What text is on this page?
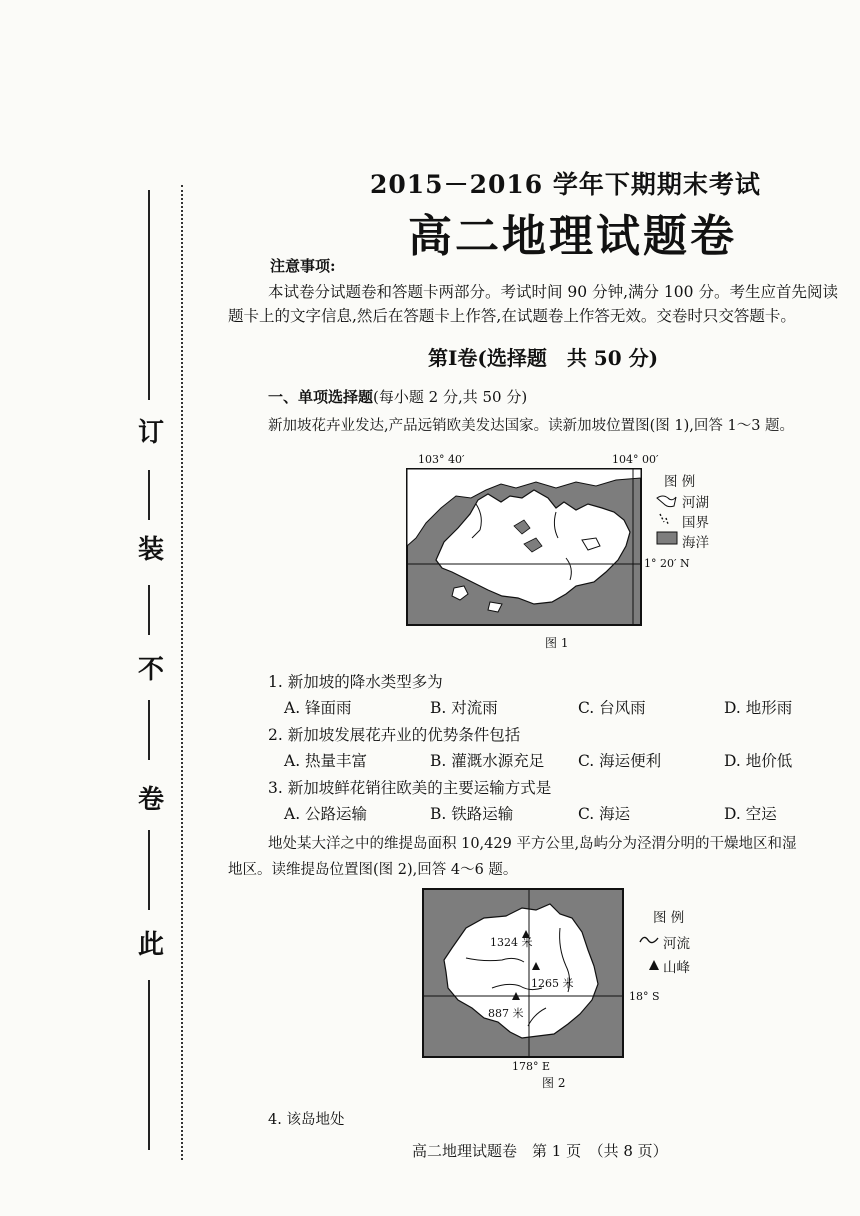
订
装
不
卷
此
2015－2016 学年下期期末考试
高二地理试题卷
注意事项:
本试卷分试题卷和答题卡两部分。考试时间 90 分钟,满分 100 分。考生应首先阅读
题卡上的文字信息,然后在答题卡上作答,在试题卷上作答无效。交卷时只交答题卡。
第Ⅰ卷(选择题　共 50 分)
一、单项选择题(每小题 2 分,共 50 分)
新加坡花卉业发达,产品远销欧美发达国家。读新加坡位置图(图 1),回答 1～3 题。
103° 40′	104° 00′
1° 20′ N
图 例
河湖
国界
海洋
图 1
1. 新加坡的降水类型多为
A. 锋面雨	B. 对流雨	C. 台风雨	D. 地形雨
2. 新加坡发展花卉业的优势条件包括
A. 热量丰富	B. 灌溉水源充足 C. 海运便利	D. 地价低
3. 新加坡鲜花销往欧美的主要运输方式是
A. 公路运输	B. 铁路运输	C. 海运	D. 空运
地处某大洋之中的维提岛面积 10,429 平方公里,岛屿分为泾渭分明的干燥地区和湿
地区。读维提岛位置图(图 2),回答 4～6 题。
1324 米
1265 米
887 米
18° S
178° E
图 例
河流
山峰
图 2
4. 该岛地处
高二地理试题卷　第 1 页　（共 8 页）
